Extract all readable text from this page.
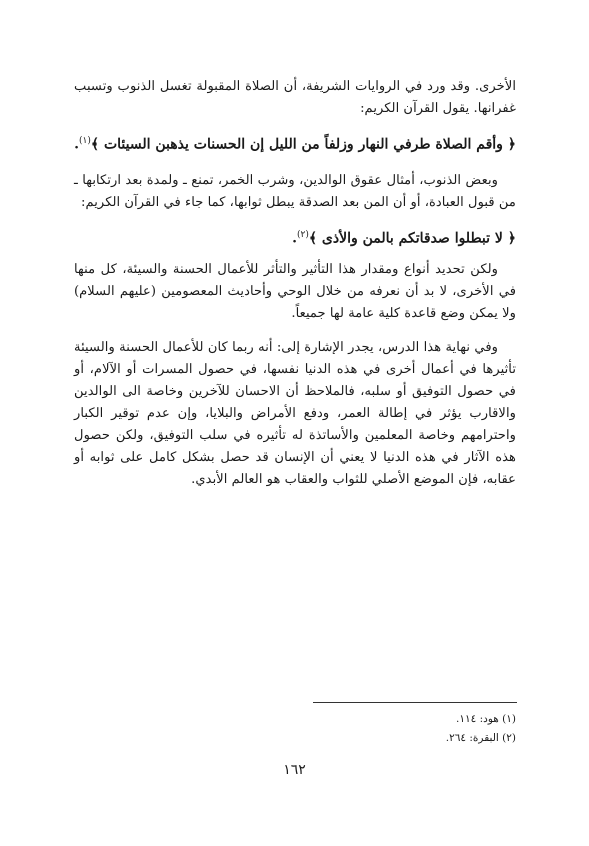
الأخرى. وقد ورد في الروايات الشريفة، أن الصلاة المقبولة تغسل الذنوب وتسبب غفرانها. يقول القرآن الكريم:

﴿ وأقم الصلاة طرفي النهار وزلفاً من الليل إن الحسنات يذهبن السيئات ﴾$^{(١)}$.

وبعض الذنوب، أمثال عقوق الوالدين، وشرب الخمر، تمنع ـ ولمدة بعد ارتكابها ـ من قبول العبادة، أو أن المن بعد الصدقة يبطل ثوابها، كما جاء في القرآن الكريم:

﴿ لا تبطلوا صدقاتكم بالمن والأذى ﴾$^{(٢)}$.

ولكن تحديد أنواع ومقدار هذا التأثير والتأثر للأعمال الحسنة والسيئة، كل منها في الأخرى، لا بد أن نعرفه من خلال الوحي وأحاديث المعصومين (عليهم السلام) ولا يمكن وضع قاعدة كلية عامة لها جميعاً.

وفي نهاية هذا الدرس، يجدر الإشارة إلى: أنه ربما كان للأعمال الحسنة والسيئة تأثيرها في أعمال أخرى في هذه الدنيا نفسها، في حصول المسرات أو الآلام، أو في حصول التوفيق أو سلبه، فالملاحظ أن الاحسان للآخرين وخاصة الى الوالدين والاقارب يؤثر في إطالة العمر، ودفع الأمراض والبلايا، وإن عدم توقير الكبار واحترامهم وخاصة المعلمين والأساتذة له تأثيره في سلب التوفيق، ولكن حصول هذه الآثار في هذه الدنيا لا يعني أن الإنسان قد حصل بشكل كامل على ثوابه أو عقابه، فإن الموضع الأصلي للثواب والعقاب هو العالم الأبدي.

(١) هود: ١١٤.

(٢) البقرة: ٢٦٤.

١٦٢
